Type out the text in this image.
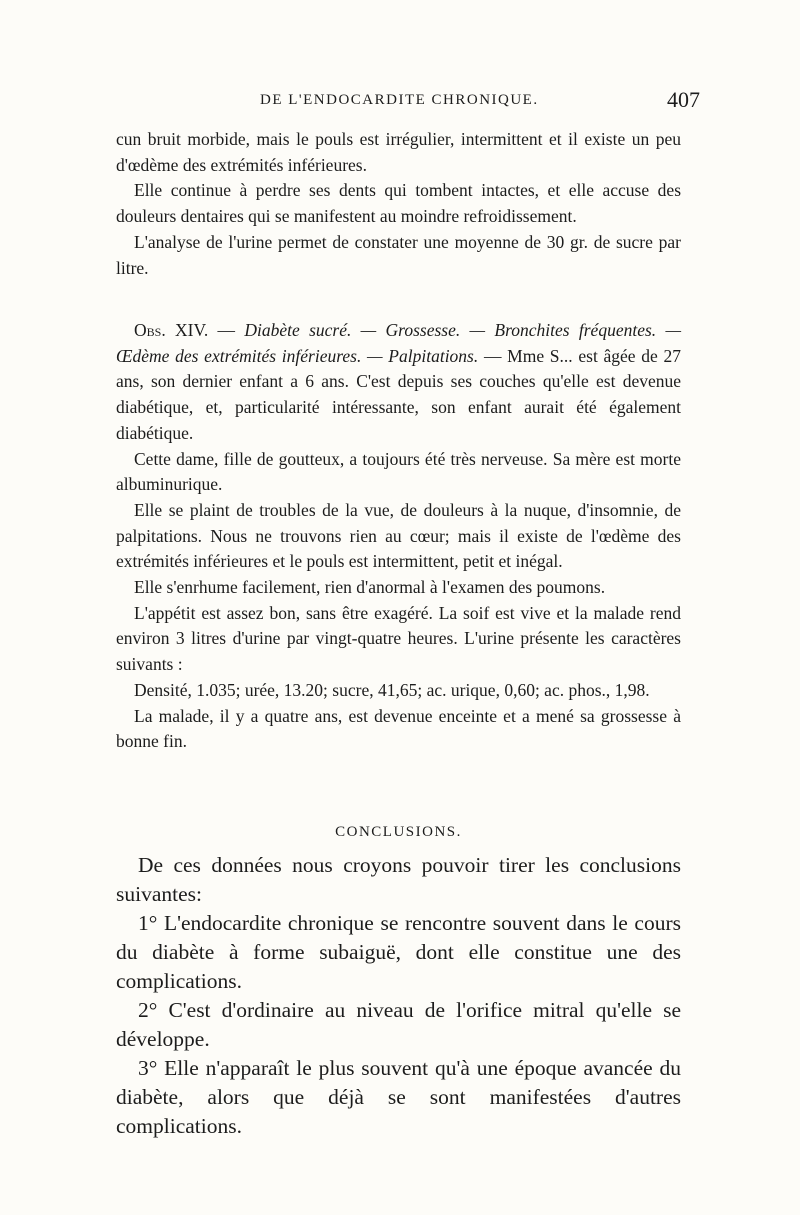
DE L'ENDOCARDITE CHRONIQUE.	407

cun bruit morbide, mais le pouls est irrégulier, intermittent et il existe un peu d'œdème des extrémités inférieures.

Elle continue à perdre ses dents qui tombent intactes, et elle accuse des douleurs dentaires qui se manifestent au moindre refroidissement.

L'analyse de l'urine permet de constater une moyenne de 30 gr. de sucre par litre.

Obs. XIV. — Diabète sucré. — Grossesse. — Bronchites fréquentes. — Œdème des extrémités inférieures. — Palpitations. — Mme S... est âgée de 27 ans, son dernier enfant a 6 ans. C'est depuis ses couches qu'elle est devenue diabétique, et, particularité intéressante, son enfant aurait été également diabétique.

Cette dame, fille de goutteux, a toujours été très nerveuse. Sa mère est morte albuminurique.

Elle se plaint de troubles de la vue, de douleurs à la nuque, d'insomnie, de palpitations. Nous ne trouvons rien au cœur; mais il existe de l'œdème des extrémités inférieures et le pouls est intermittent, petit et inégal.

Elle s'enrhume facilement, rien d'anormal à l'examen des poumons.

L'appétit est assez bon, sans être exagéré. La soif est vive et la malade rend environ 3 litres d'urine par vingt-quatre heures. L'urine présente les caractères suivants :

Densité, 1.035; urée, 13.20; sucre, 41,65; ac. urique, 0,60; ac. phos., 1,98.

La malade, il y a quatre ans, est devenue enceinte et a mené sa grossesse à bonne fin.

CONCLUSIONS.

De ces données nous croyons pouvoir tirer les conclusions suivantes:

1° L'endocardite chronique se rencontre souvent dans le cours du diabète à forme subaiguë, dont elle constitue une des complications.

2° C'est d'ordinaire au niveau de l'orifice mitral qu'elle se développe.

3° Elle n'apparaît le plus souvent qu'à une époque avancée du diabète, alors que déjà se sont manifestées d'autres complications.
